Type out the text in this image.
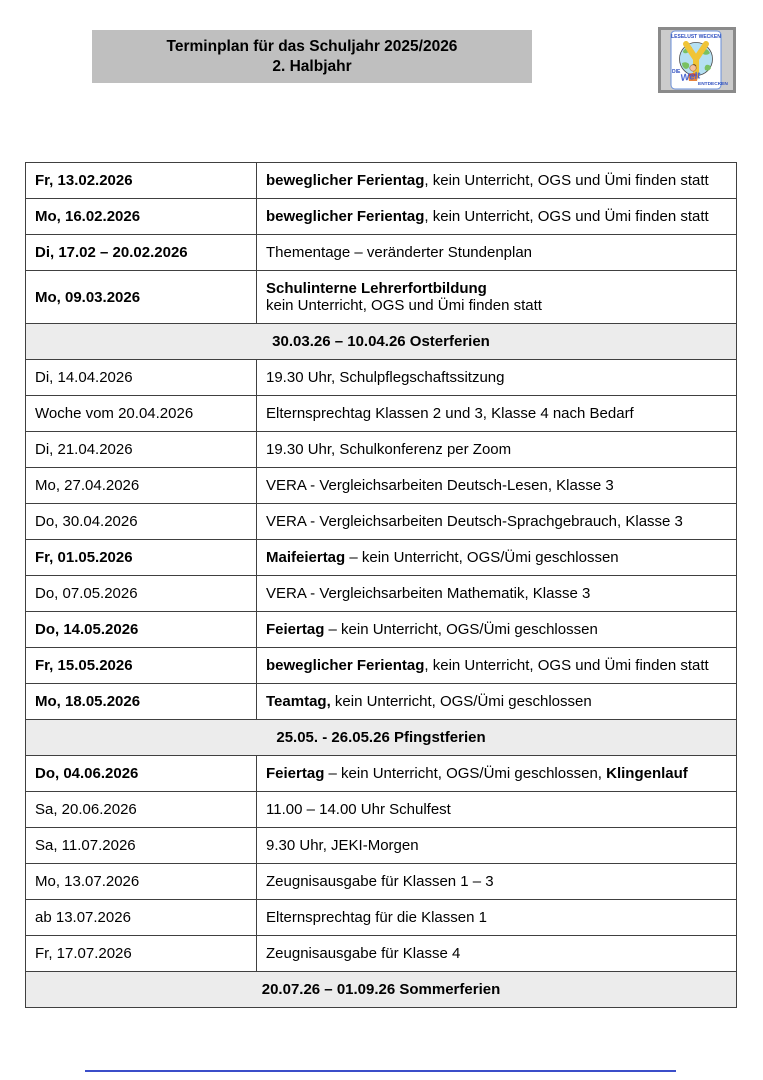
Terminplan für das Schuljahr 2025/2026
2. Halbjahr
LESELUST WECKEN
DIE Welt
ENTDECKEN
Fr, 13.02.2026	beweglicher Ferientag, kein Unterricht, OGS und Ümi finden statt
Mo, 16.02.2026	beweglicher Ferientag, kein Unterricht, OGS und Ümi finden statt
Di, 17.02 – 20.02.2026	Thementage – veränderter Stundenplan
Mo, 09.03.2026	Schulinterne Lehrerfortbildung
kein Unterricht, OGS und Ümi finden statt
30.03.26 – 10.04.26 Osterferien	
Di, 14.04.2026	19.30 Uhr, Schulpflegschaftssitzung
Woche vom 20.04.2026	Elternsprechtag Klassen 2 und 3, Klasse 4 nach Bedarf
Di, 21.04.2026	19.30 Uhr, Schulkonferenz per Zoom
Mo, 27.04.2026	VERA - Vergleichsarbeiten Deutsch-Lesen, Klasse 3
Do, 30.04.2026	VERA - Vergleichsarbeiten Deutsch-Sprachgebrauch, Klasse 3
Fr, 01.05.2026	Maifeiertag – kein Unterricht, OGS/Ümi geschlossen
Do, 07.05.2026	VERA - Vergleichsarbeiten Mathematik, Klasse 3
Do, 14.05.2026	Feiertag – kein Unterricht, OGS/Ümi geschlossen
Fr, 15.05.2026	beweglicher Ferientag, kein Unterricht, OGS und Ümi finden statt
Mo, 18.05.2026	Teamtag, kein Unterricht, OGS/Ümi geschlossen
25.05. - 26.05.26 Pfingstferien	
Do, 04.06.2026	Feiertag – kein Unterricht, OGS/Ümi geschlossen, Klingenlauf
Sa, 20.06.2026	11.00 – 14.00 Uhr Schulfest
Sa, 11.07.2026	9.30 Uhr, JEKI-Morgen
Mo, 13.07.2026	Zeugnisausgabe für Klassen 1 – 3
ab 13.07.2026	Elternsprechtag für die Klassen 1
Fr, 17.07.2026	Zeugnisausgabe für Klasse 4
20.07.26 – 01.09.26 Sommerferien	
